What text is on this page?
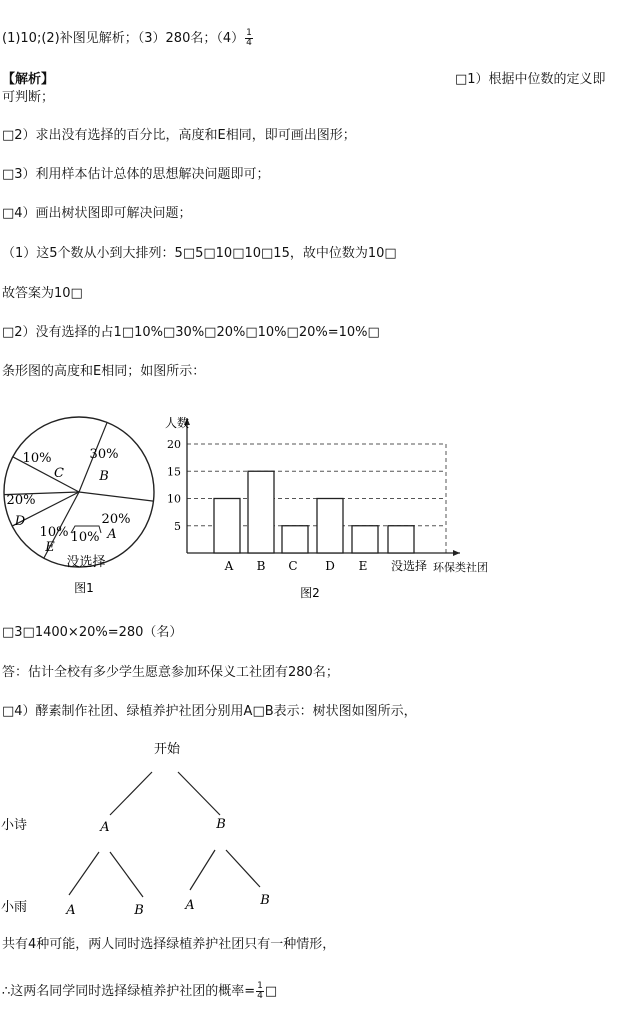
(1)10;(2)补图见解析；（3）280名；$(4) \frac{1}{4}$
【解析】	□1）根据中位数的定义即
可判断；
□2）求出没有选择的百分比，高度和E相同，即可画出图形；
□3）利用样本估计总体的思想解决问题即可；
□4）画出树状图即可解决问题；
（1）这5个数从小到大排列：5□5□10□10□15，故中位数为10□
故答案为10□
□2）没有选择的占1□10%□30%□20%□10%□20%=10%□
条形图的高度和E相同；如图所示：
30%
B
20%
A
10%
没选择
10%
E
20%
D
10%
C
图1
5
10
15
20
A B C D E 没选择
人数
环保类社团
图2
□3□1400×20%=280（名）
答：估计全校有多少学生愿意参加环保义工社团有280名；
□4）酵素制作社团、绿植养护社团分别用A□B表示：树状图如图所示，
开始
小诗
小雨
A	B
A	B	A	B
共有4种可能，两人同时选择绿植养护社团只有一种情形，
∴这两名同学同时选择绿植养护社团的概率= $\frac{1}{4}$ □
